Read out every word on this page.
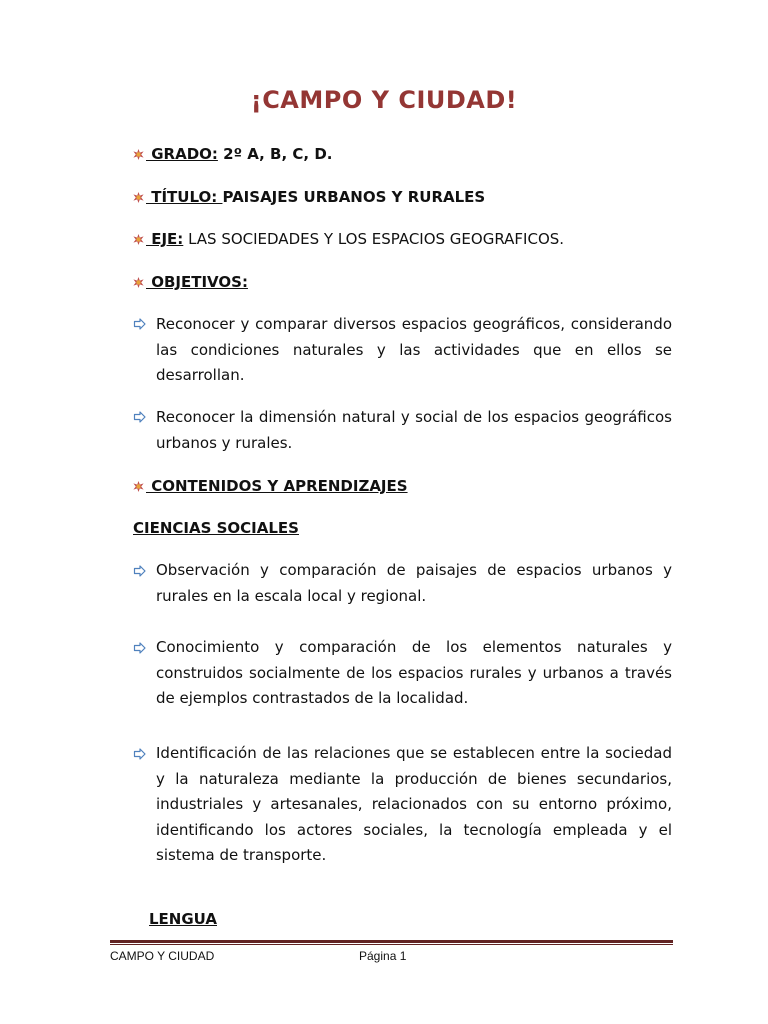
¡CAMPO Y CIUDAD!
GRADO: 2º A, B, C, D.
TÍTULO: PAISAJES URBANOS Y RURALES
EJE: LAS SOCIEDADES Y LOS ESPACIOS GEOGRAFICOS.
OBJETIVOS:
Reconocer y comparar diversos espacios geográficos, considerando las condiciones naturales y las actividades que en ellos se desarrollan.
Reconocer la dimensión natural y social de los espacios geográficos urbanos y rurales.
CONTENIDOS Y APRENDIZAJES
CIENCIAS SOCIALES
Observación y comparación de paisajes de espacios urbanos y rurales en la escala local y regional.
Conocimiento y comparación de los elementos naturales y construidos socialmente de los espacios rurales y urbanos a través de ejemplos contrastados de la localidad.
Identificación de las relaciones que se establecen entre la sociedad y la naturaleza mediante la producción de bienes secundarios, industriales y artesanales, relacionados con su entorno próximo, identificando los actores sociales, la tecnología empleada y el sistema de transporte.
LENGUA
CAMPO Y CIUDAD	Página 1
